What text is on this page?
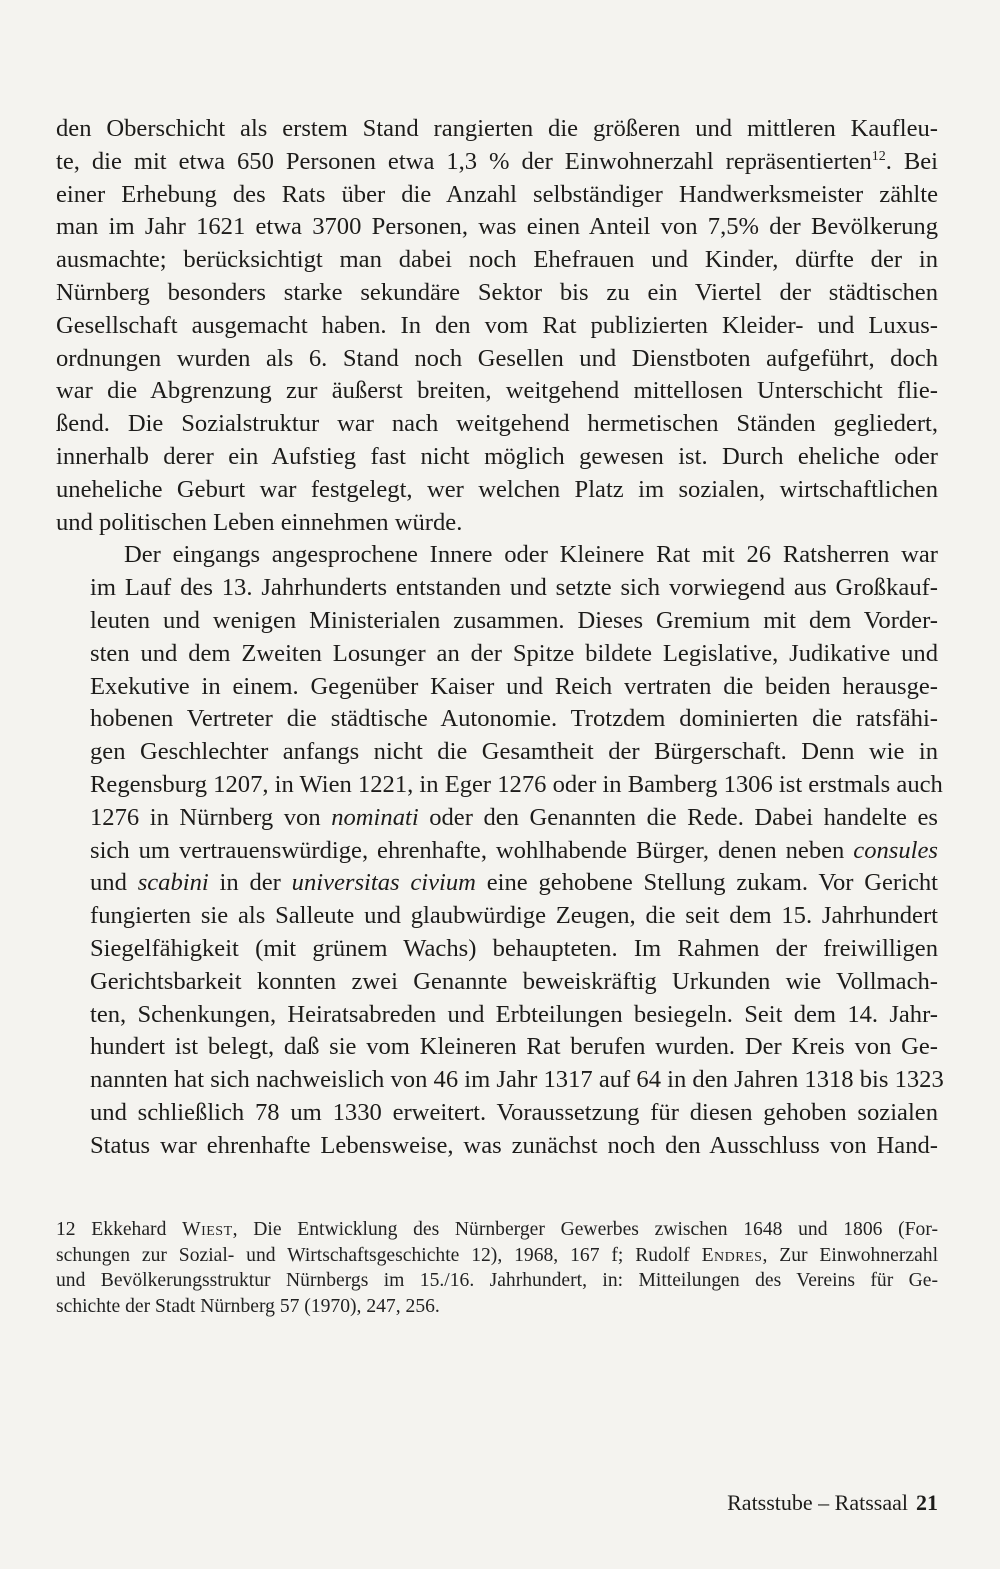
den Oberschicht als erstem Stand rangierten die größeren und mittleren Kaufleu-
te, die mit etwa 650 Personen etwa 1,3 % der Einwohnerzahl repräsentierten$^{12}$. Bei
einer Erhebung des Rats über die Anzahl selbständiger Handwerksmeister zählte
man im Jahr 1621 etwa 3700 Personen, was einen Anteil von 7,5% der Bevölkerung
ausmachte; berücksichtigt man dabei noch Ehefrauen und Kinder, dürfte der in
Nürnberg besonders starke sekundäre Sektor bis zu ein Viertel der städtischen
Gesellschaft ausgemacht haben. In den vom Rat publizierten Kleider- und Luxus-
ordnungen wurden als 6. Stand noch Gesellen und Dienstboten aufgeführt, doch
war die Abgrenzung zur äußerst breiten, weitgehend mittellosen Unterschicht flie-
ßend. Die Sozialstruktur war nach weitgehend hermetischen Ständen gegliedert,
innerhalb derer ein Aufstieg fast nicht möglich gewesen ist. Durch eheliche oder
uneheliche Geburt war festgelegt, wer welchen Platz im sozialen, wirtschaftlichen
und politischen Leben einnehmen würde.

Der eingangs angesprochene Innere oder Kleinere Rat mit 26 Ratsherren war
im Lauf des 13. Jahrhunderts entstanden und setzte sich vorwiegend aus Großkauf-
leuten und wenigen Ministerialen zusammen. Dieses Gremium mit dem Vorder-
sten und dem Zweiten Losunger an der Spitze bildete Legislative, Judikative und
Exekutive in einem. Gegenüber Kaiser und Reich vertraten die beiden herausge-
hobenen Vertreter die städtische Autonomie. Trotzdem dominierten die ratsfähi-
gen Geschlechter anfangs nicht die Gesamtheit der Bürgerschaft. Denn wie in
Regensburg 1207, in Wien 1221, in Eger 1276 oder in Bamberg 1306 ist erstmals auch
1276 in Nürnberg von nominati oder den Genannten die Rede. Dabei handelte es
sich um vertrauenswürdige, ehrenhafte, wohlhabende Bürger, denen neben consules
und scabini in der universitas civium eine gehobene Stellung zukam. Vor Gericht
fungierten sie als Salleute und glaubwürdige Zeugen, die seit dem 15. Jahrhundert
Siegelfähigkeit (mit grünem Wachs) behaupteten. Im Rahmen der freiwilligen
Gerichtsbarkeit konnten zwei Genannte beweiskräftig Urkunden wie Vollmach-
ten, Schenkungen, Heiratsabreden und Erbteilungen besiegeln. Seit dem 14. Jahr-
hundert ist belegt, daß sie vom Kleineren Rat berufen wurden. Der Kreis von Ge-
nannten hat sich nachweislich von 46 im Jahr 1317 auf 64 in den Jahren 1318 bis 1323
und schließlich 78 um 1330 erweitert. Voraussetzung für diesen gehoben sozialen
Status war ehrenhafte Lebensweise, was zunächst noch den Ausschluss von Hand-

12 Ekkehard Wiest, Die Entwicklung des Nürnberger Gewerbes zwischen 1648 und 1806 (For-
schungen zur Sozial- und Wirtschaftsgeschichte 12), 1968, 167 f; Rudolf Endres, Zur Einwohnerzahl
und Bevölkerungsstruktur Nürnbergs im 15./16. Jahrhundert, in: Mitteilungen des Vereins für Ge-
schichte der Stadt Nürnberg 57 (1970), 247, 256.
Ratsstube – Ratssaal 21
